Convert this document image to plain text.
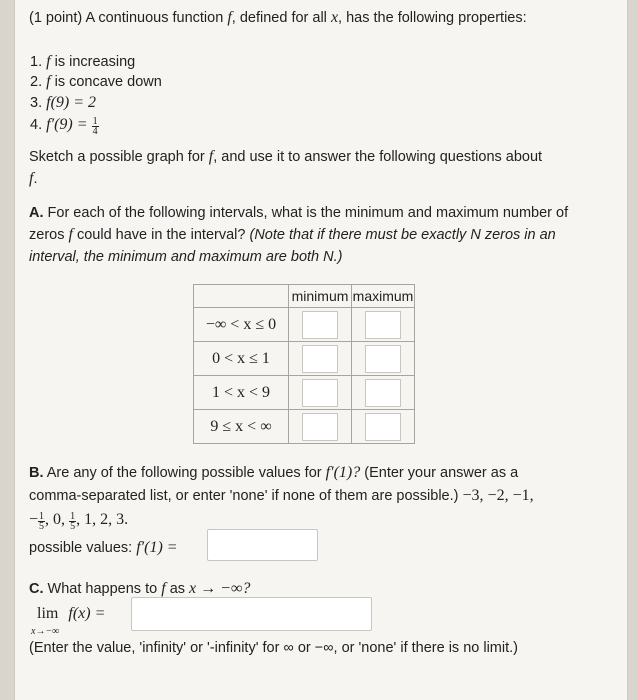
(1 point) A continuous function f, defined for all x, has the following properties:
1. f is increasing
2. f is concave down
3. f(9) = 2
4. $f'(9) = \frac{1}{4}$
Sketch a possible graph for f, and use it to answer the following questions about
f.
A. For each of the following intervals, what is the minimum and maximum number of
zeros f could have in the interval? (Note that if there must be exactly N zeros in an
interval, the minimum and maximum are both N.)
	minimum	maximum
−∞ < x ≤ 0		
0 < x ≤ 1		
1 < x < 9		
9 ≤ x < ∞		
B. Are any of the following possible values for f′(1)? (Enter your answer as a
comma-separated list, or enter 'none' if none of them are possible.) −3, −2, −1,
− $\frac{1}{5}$ , 0, $\frac{1}{5}$ , 1, 2, 3.
possible values: f′(1) =
C. What happens to f as x → −∞?
lim f(x) =
x→−∞
(Enter the value, 'infinity' or '-infinity' for ∞ or −∞, or 'none' if there is no limit.)
